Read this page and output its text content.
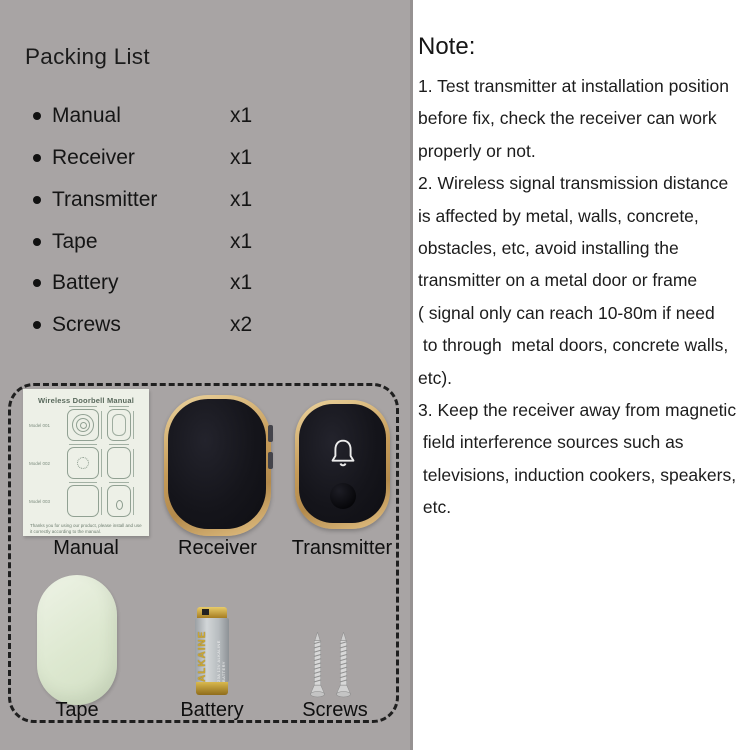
Packing List
Manual	x1
Receiver	x1
Transmitter	x1
Tape	x1
Battery	x1
Screws	x2
Wireless Doorbell Manual
Model 001
Model 002
Model 003
Thanks you for using our product, please install and use
it correctly according to the manual.
Manual	Receiver	Transmitter
ALKAINE 23A 12V ALKALINE BATTERY
Tape	Battery	Screws
Note:
1. Test transmitter at installation position
before fix, check the receiver can work
properly or not.
2. Wireless signal transmission distance
is affected by metal, walls, concrete,
obstacles, etc, avoid installing the
transmitter on a metal door or frame
( signal only can reach 10-80m if need
to through  metal doors, concrete walls,
etc).
3. Keep the receiver away from magnetic
field interference sources such as
televisions, induction cookers, speakers,
etc.
